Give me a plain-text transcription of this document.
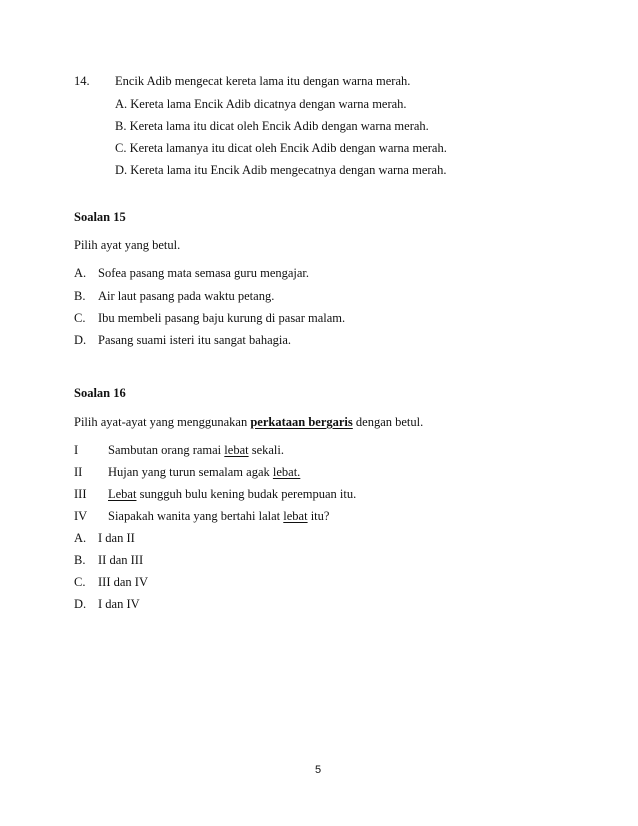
14. Encik Adib mengecat kereta lama itu dengan warna merah.
A. Kereta lama Encik Adib dicatnya dengan warna merah.
B. Kereta lama itu dicat oleh Encik Adib dengan warna merah.
C. Kereta lamanya itu dicat oleh Encik Adib dengan warna merah.
D. Kereta lama itu Encik Adib mengecatnya dengan warna merah.
Soalan 15
Pilih ayat yang betul.
A. Sofea pasang mata semasa guru mengajar.
B. Air laut pasang pada waktu petang.
C. Ibu membeli pasang baju kurung di pasar malam.
D. Pasang suami isteri itu sangat bahagia.
Soalan 16
Pilih ayat-ayat yang menggunakan perkataan bergaris dengan betul.
I Sambutan orang ramai lebat sekali.
II Hujan yang turun semalam agak lebat.
III Lebat sungguh bulu kening budak perempuan itu.
IV Siapakah wanita yang bertahi lalat lebat itu?
A. I dan II
B. II dan III
C. III dan IV
D. I dan IV
5
